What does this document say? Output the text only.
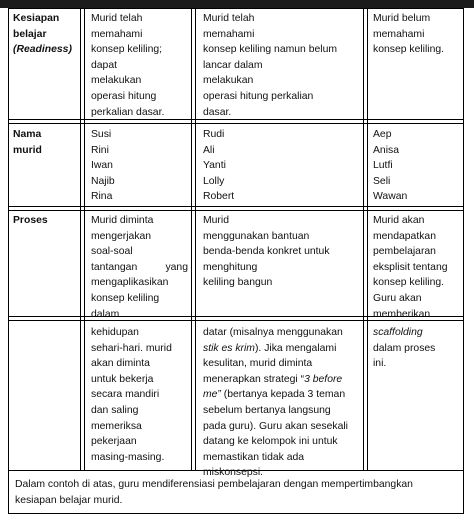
Kesiapan belajar
(Readiness)
Murid telah
memahami
konsep keliling;
dapat
melakukan
operasi hitung
perkalian dasar.
Murid telah
memahami
konsep keliling namun belum
lancar dalam
melakukan
operasi hitung perkalian
dasar.
Murid belum
memahami
konsep keliling.
Nama murid
Susi
Rini
Iwan
Najib
Rina
Rudi
Ali
Yanti
Lolly
Robert
Aep
Anisa
Lutfi
Seli
Wawan
Proses	Murid diminta
mengerjakan
soal-soal
tantangan	yang
mengaplikasikan
konsep keliling
dalam
Murid
menggunakan bantuan
benda-benda konkret untuk
menghitung
keliling bangun
Murid akan
mendapatkan
pembelajaran
eksplisit tentang
konsep keliling.
Guru akan
memberikan
kehidupan
sehari-hari. murid
akan diminta
untuk bekerja
secara mandiri
dan saling
memeriksa
pekerjaan
masing-masing.
datar (misalnya menggunakan
stik es krim). Jika mengalami
kesulitan, murid diminta
menerapkan strategi “3 before
me” (bertanya kepada 3 teman
sebelum bertanya langsung
pada guru). Guru akan sesekali
datang ke kelompok ini untuk
memastikan tidak ada
miskonsepsi.
scaffolding
dalam proses
ini.
Dalam contoh di atas, guru mendiferensiasi pembelajaran dengan mempertimbangkan
kesiapan belajar murid.
